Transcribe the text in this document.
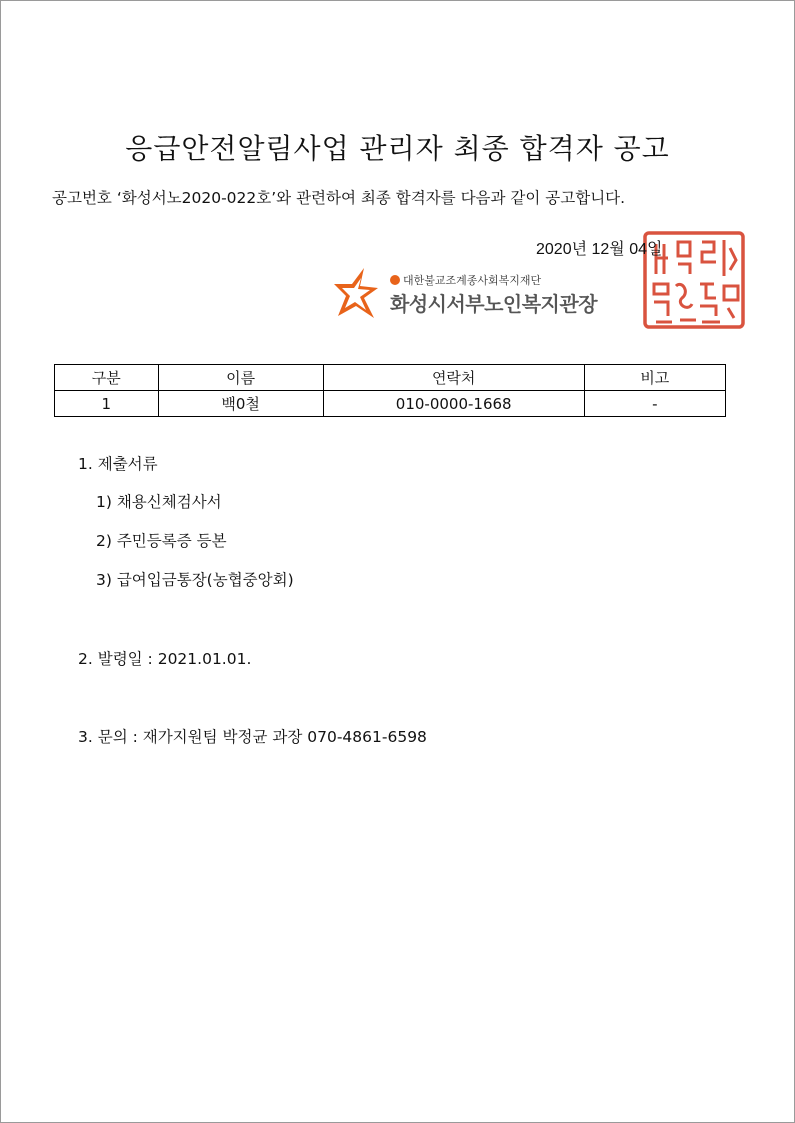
응급안전알림사업 관리자 최종 합격자 공고
공고번호 ‘화성서노2020-022호’와 관련하여 최종 합격자를 다음과 같이 공고합니다.
2020년 12월 04일
대한불교조계종사회복지재단
화성시서부노인복지관장
구분	이름	연락처	비고
1	백0철	010-0000-1668	-
1. 제출서류
1) 채용신체검사서
2) 주민등록증 등본
3) 급여입금통장(농협중앙회)
2. 발령일 : 2021.01.01.
3. 문의 : 재가지원팀 박정균 과장 070-4861-6598
